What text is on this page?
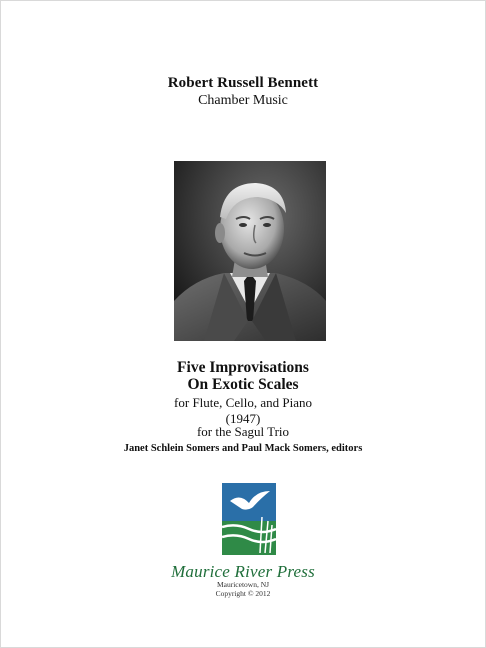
Robert Russell Bennett
Chamber Music
Five Improvisations
On Exotic Scales
for Flute, Cello, and Piano
(1947)
for the Sagul Trio
Janet Schlein Somers and Paul Mack Somers, editors
Maurice River Press
Mauricetown, NJ
Copyright © 2012
